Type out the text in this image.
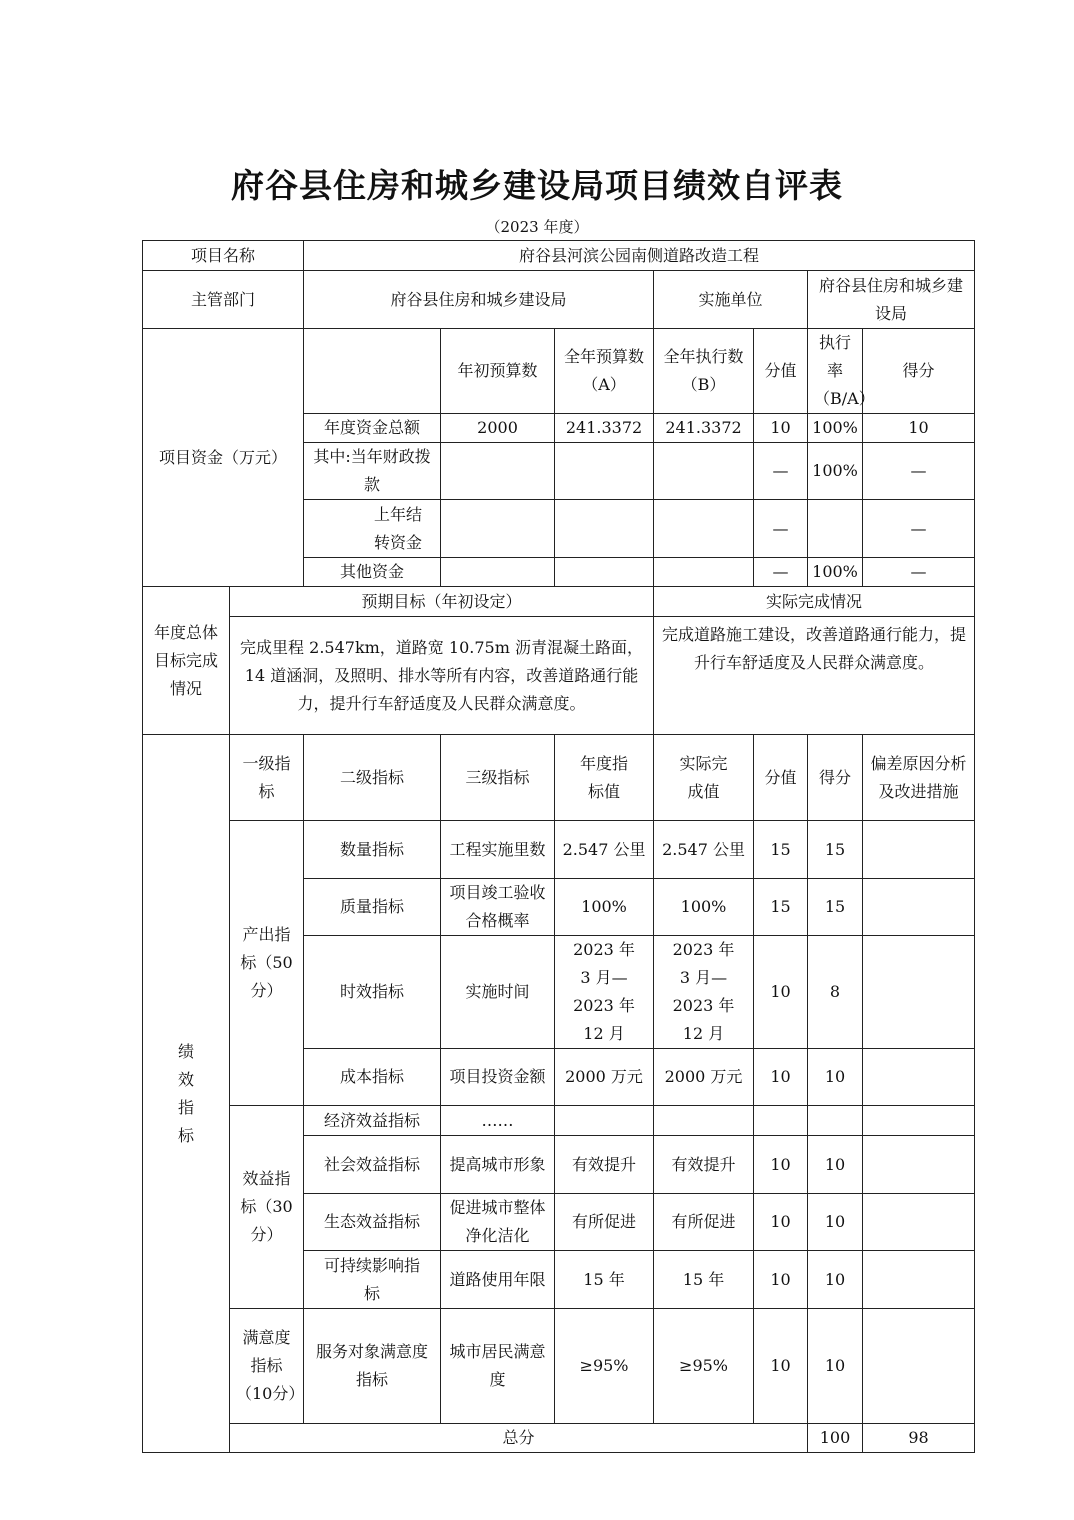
府谷县住房和城乡建设局项目绩效自评表
（2023 年度）
项目名称		府谷县河滨公园南侧道路改造工程							
主管部门		府谷县住房和城乡建设局			实施单位		府谷县住房和城乡建设局		
项目资金（万元）			年初预算数	全年预算数（A）	全年执行数（B）	分值	执行率（B/A）	得分	
		年度资金总额	2000	241.3372	241.3372	10	100%	10	
		其中:当年财政拨款				—	100%	—	
		上年结转资金				—		—	
		其他资金				—	100%	—	
年度总体目标完成情况	预期目标（年初设定）				实际完成情况				
	完成里程 2.547km，道路宽 10.75m 沥青混凝土路面，14 道涵洞，及照明、排水等所有内容，改善道路通行能力，提升行车舒适度及人民群众满意度。				完成道路施工建设，改善道路通行能力，提升行车舒适度及人民群众满意度。				
绩效指标	一级指标	二级指标	三级指标	年度指标值	实际完成值	分值	得分	偏差原因分析及改进措施	
	产出指标（50分）	数量指标	工程实施里数	2.547 公里	2.547 公里	15	15		
		质量指标	项目竣工验收合格概率	100%	100%	15	15		
		时效指标	实施时间	2023 年 3 月—2023 年 12 月	2023 年 3 月—2023 年 12 月	10	8		
		成本指标	项目投资金额	2000 万元	2000 万元	10	10		
	效益指标（30分）	经济效益指标	……						
		社会效益指标	提高城市形象	有效提升	有效提升	10	10		
		生态效益指标	促进城市整体净化洁化	有所促进	有所促进	10	10		
		可持续影响指标	道路使用年限	15 年	15 年	10	10		
	满意度指标（10分）	服务对象满意度指标	城市居民满意度	≥95%	≥95%	10	10		
	总分						100	98	
